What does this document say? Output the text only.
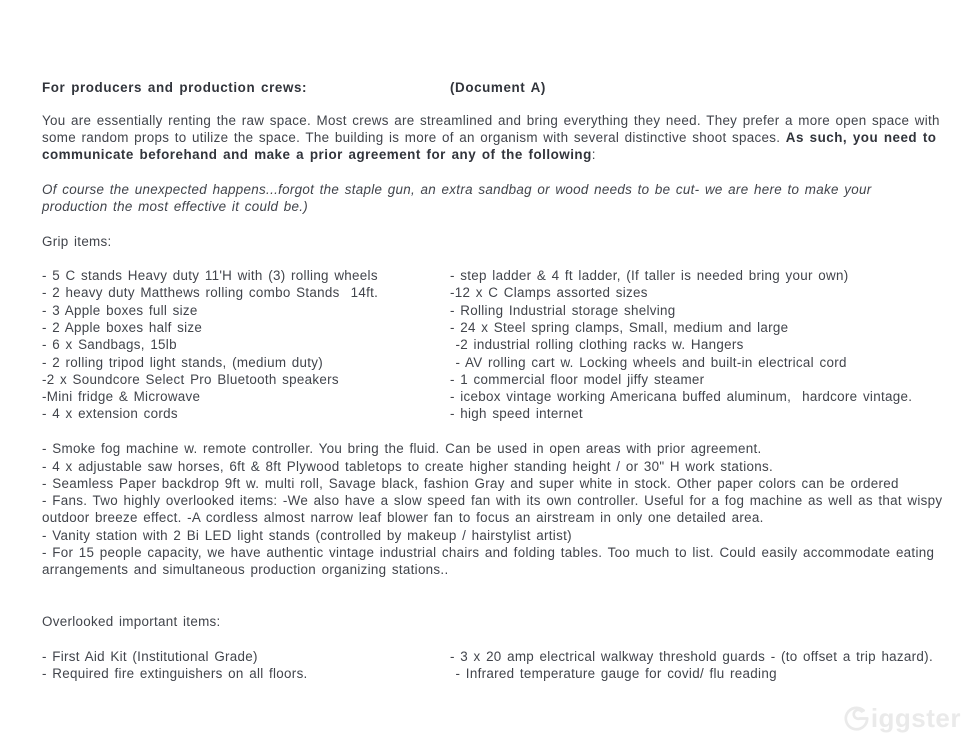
For producers and production crews:	(Document A)
You are essentially renting the raw space. Most crews are streamlined and bring everything they need. They prefer a more open space with some random props to utilize the space. The building is more of an organism with several distinctive shoot spaces. As such, you need to communicate beforehand and make a prior agreement for any of the following:
Of course the unexpected happens...forgot the staple gun, an extra sandbag or wood needs to be cut- we are here to make your production the most effective it could be.)
Grip items:
- 5 C stands Heavy duty 11'H with (3) rolling wheels
- 2 heavy duty Matthews rolling combo Stands  14ft.
- 3 Apple boxes full size
- 2 Apple boxes half size
- 6 x Sandbags, 15lb
- 2 rolling tripod light stands, (medium duty)
-2 x Soundcore Select Pro Bluetooth speakers
-Mini fridge & Microwave
- 4 x extension cords
- step ladder & 4 ft ladder, (If taller is needed bring your own)
-12 x C Clamps assorted sizes
- Rolling Industrial storage shelving
- 24 x Steel spring clamps, Small, medium and large
-2 industrial rolling clothing racks w. Hangers
- AV rolling cart w. Locking wheels and built-in electrical cord
- 1 commercial floor model jiffy steamer
- icebox vintage working Americana buffed aluminum,  hardcore vintage.
- high speed internet
- Smoke fog machine w. remote controller. You bring the fluid. Can be used in open areas with prior agreement.
- 4 x adjustable saw horses, 6ft & 8ft Plywood tabletops to create higher standing height / or 30" H work stations.
- Seamless Paper backdrop 9ft w. multi roll, Savage black, fashion Gray and super white in stock. Other paper colors can be ordered
- Fans. Two highly overlooked items: -We also have a slow speed fan with its own controller. Useful for a fog machine as well as that wispy outdoor breeze effect. -A cordless almost narrow leaf blower fan to focus an airstream in only one detailed area.
- Vanity station with 2 Bi LED light stands (controlled by makeup / hairstylist artist)
- For 15 people capacity, we have authentic vintage industrial chairs and folding tables. Too much to list. Could easily accommodate eating arrangements and simultaneous production organizing stations..
Overlooked important items:
- First Aid Kit (Institutional Grade)
- Required fire extinguishers on all floors.
- 3 x 20 amp electrical walkway threshold guards - (to offset a trip hazard).
- Infrared temperature gauge for covid/ flu reading
iggster
